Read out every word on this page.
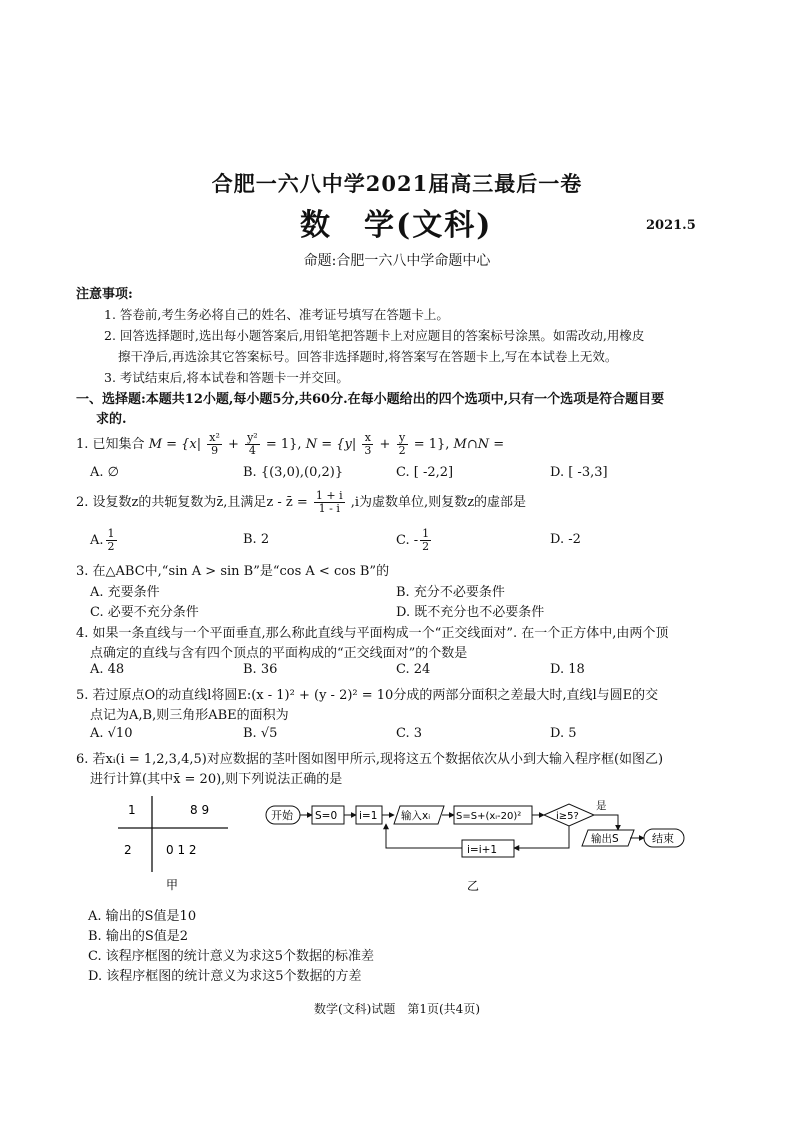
合肥一六八中学2021届高三最后一卷
数　学(文科)	2021.5
命题:合肥一六八中学命题中心
注意事项:
1. 答卷前,考生务必将自己的姓名、准考证号填写在答题卡上。
2. 回答选择题时,选出每小题答案后,用铅笔把答题卡上对应题目的答案标号涂黑。如需改动,用橡皮
擦干净后,再选涂其它答案标号。回答非选择题时,将答案写在答题卡上,写在本试卷上无效。
3. 考试结束后,将本试卷和答题卡一并交回。
一、选择题:本题共12小题,每小题5分,共60分.在每小题给出的四个选项中,只有一个选项是符合题目要
求的.
1. 已知集合 $M = \{x| \frac{\text{x²}}{9} + \frac{\text{y²}}{4} = 1\}$, $N = \{y| \frac{x}{3} + \frac{y}{2} = 1\}$, M∩N =
A. ∅	B. {(3,0),(0,2)}	C. [ -2,2]	D. [ -3,3]
2. 设复数z的共轭复数为z̄,且满足z - z̄ = $\frac{1 + i}{1 - i} ,i$为虚数单位,则复数z的虚部是
A. $\frac{1}{2}$	B. 2	C. - $\frac{1}{2}$	D. -2
3. 在△ABC中,“sin A > sin B”是“cos A < cos B”的
A. 充要条件	B. 充分不必要条件
C. 必要不充分条件	D. 既不充分也不必要条件
4. 如果一条直线与一个平面垂直,那么称此直线与平面构成一个“正交线面对”. 在一个正方体中,由两个顶
点确定的直线与含有四个顶点的平面构成的“正交线面对”的个数是
A. 48	B. 36	C. 24	D. 18
5. 若过原点O的动直线l将圆E:(x - 1)² + (y - 2)² = 10分成的两部分面积之差最大时,直线l与圆E的交
点记为A,B,则三角形ABE的面积为
A. √10	B. √5	C. 3	D. 5
6. 若xᵢ(i = 1,2,3,4,5)对应数据的茎叶图如图甲所示,现将这五个数据依次从小到大输入程序框(如图乙)
进行计算(其中x̄ = 20),则下列说法正确的是
1	8 9
2	0 1 2
甲
开始 S=0 i=1 输入xᵢ	S=S+(xᵢ-20)²	i≥5?
是
输出S	结束
i=i+1
乙
A. 输出的S值是10
B. 输出的S值是2
C. 该程序框图的统计意义为求这5个数据的标准差
D. 该程序框图的统计意义为求这5个数据的方差
数学(文科)试题　第1页(共4页)
